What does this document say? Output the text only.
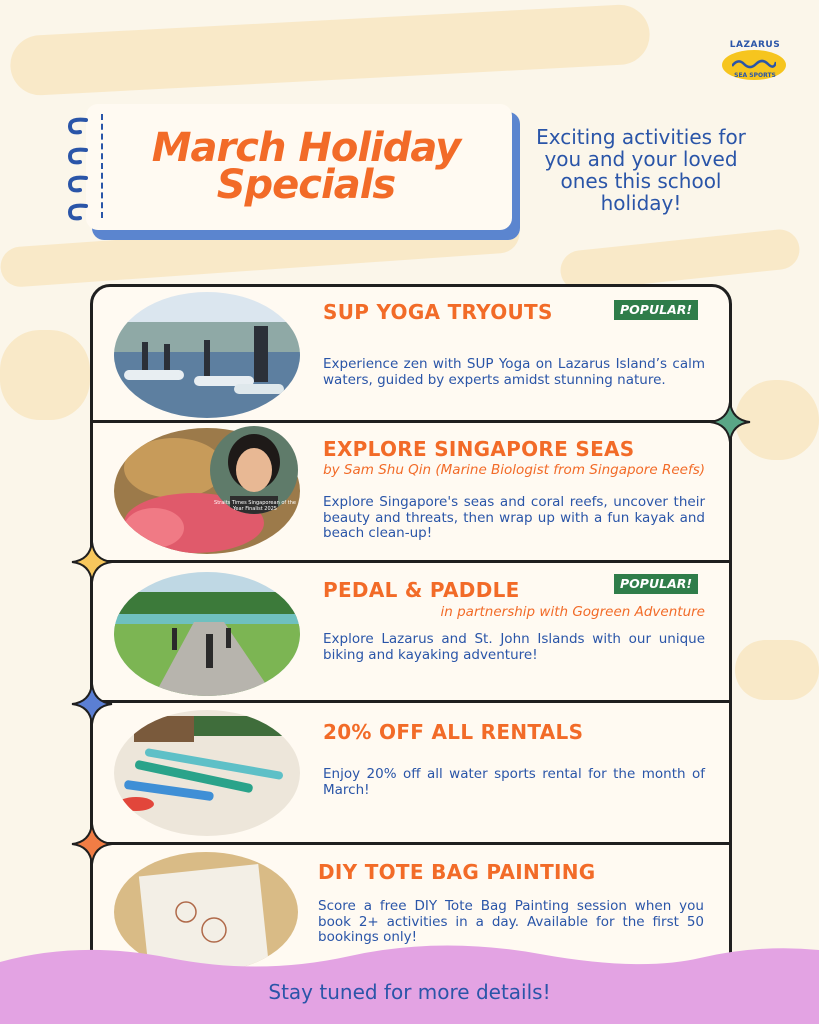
LAZARUS
SEA SPORTS
March Holiday
Specials
Exciting activities for you and your loved ones this school holiday!
SUP YOGA TRYOUTS	POPULAR!
Experience zen with SUP Yoga on Lazarus Island’s calm waters, guided by experts amidst stunning nature.
Straits Times Singaporean of the Year Finalist 2025
EXPLORE SINGAPORE SEAS
by Sam Shu Qin (Marine Biologist from Singapore Reefs)
Explore Singapore's seas and coral reefs, uncover their beauty and threats, then wrap up with a fun kayak and beach clean-up!
PEDAL & PADDLE	POPULAR!
in partnership with Gogreen Adventure
Explore Lazarus and St. John Islands with our unique biking and kayaking adventure!
20% OFF ALL RENTALS
Enjoy 20% off all water sports rental for the month of March!
DIY TOTE BAG PAINTING
Score a free DIY Tote Bag Painting session when you book 2+ activities in a day. Available for the first 50 bookings only!
Stay tuned for more details!
